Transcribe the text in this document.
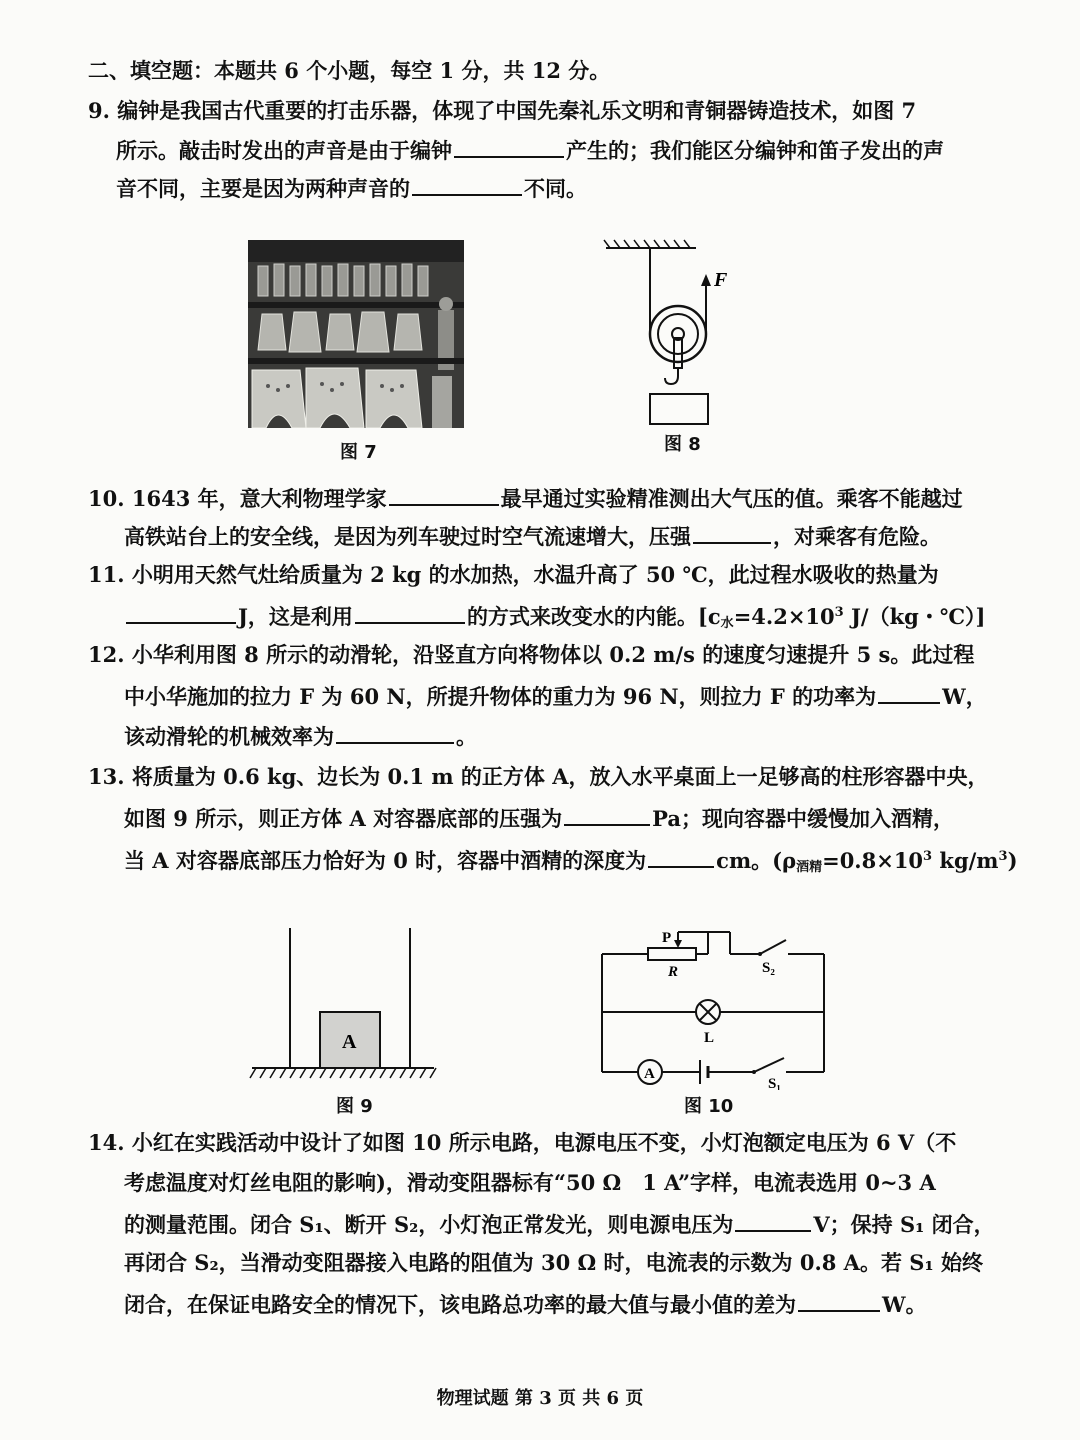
二、填空题：本题共 6 个小题，每空 1 分，共 12 分。
9. 编钟是我国古代重要的打击乐器，体现了中国先秦礼乐文明和青铜器铸造技术，如图 7
所示。敲击时发出的声音是由于编钟	产生的；我们能区分编钟和笛子发出的声
音不同，主要是因为两种声音的	不同。
图 7
F
图 8
10. 1643 年，意大利物理学家	最早通过实验精准测出大气压的值。乘客不能越过
高铁站台上的安全线，是因为列车驶过时空气流速增大，压强	，对乘客有危险。
11. 小明用天然气灶给质量为 2 kg 的水加热，水温升高了 50 ℃，此过程水吸收的热量为
J，这是利用	的方式来改变水的内能。[$c_水=4.2\times 10^3$ J/（kg・℃）]
12. 小华利用图 8 所示的动滑轮，沿竖直方向将物体以 0.2 m/s 的速度匀速提升 5 s。此过程
中小华施加的拉力 F 为 60 N，所提升物体的重力为 96 N，则拉力 F 的功率为	W，
该动滑轮的机械效率为	。
13. 将质量为 0.6 kg、边长为 0.1 m 的正方体 A，放入水平桌面上一足够高的柱形容器中央，
如图 9 所示，则正方体 A 对容器底部的压强为	Pa；现向容器中缓慢加入酒精，
当 A 对容器底部压力恰好为 0 时，容器中酒精的深度为	cm。($\rho_{酒精}=0.8\times 10^3$ $kg/m^3$)
A
图 9
P
R	S₂
L
A
S₁
图 10
14. 小红在实践活动中设计了如图 10 所示电路，电源电压不变，小灯泡额定电压为 6 V（不
考虑温度对灯丝电阻的影响)，滑动变阻器标有“50 Ω　1 A”字样，电流表选用 0~3 A
的测量范围。闭合 S₁、断开 S₂，小灯泡正常发光，则电源电压为	V；保持 S₁ 闭合，
再闭合 S₂，当滑动变阻器接入电路的阻值为 30 Ω 时，电流表的示数为 0.8 A。若 S₁ 始终
闭合，在保证电路安全的情况下，该电路总功率的最大值与最小值的差为	W。
物理试题 第 3 页 共 6 页
